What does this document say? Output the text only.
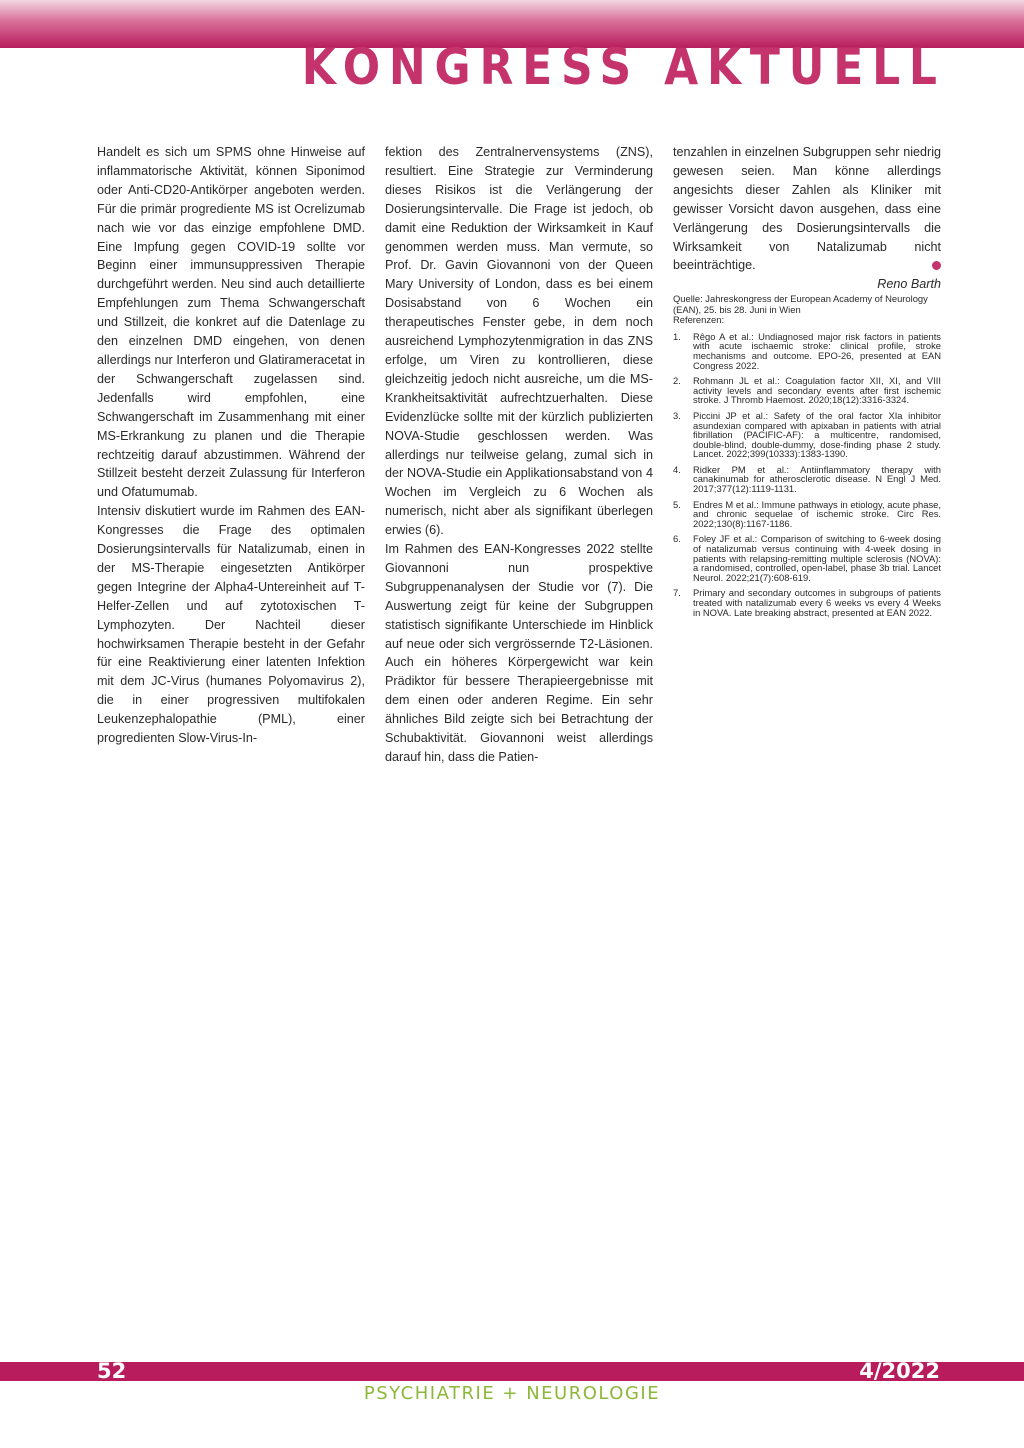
KONGRESS AKTUELL

Handelt es sich um SPMS ohne Hinweise auf inflammatorische Aktivität, können Siponimod oder Anti-CD20-Antikörper angeboten werden. Für die primär progrediente MS ist Ocrelizumab nach wie vor das einzige empfohlene DMD. Eine Impfung gegen COVID-19 sollte vor Beginn einer immunsuppressiven Therapie durchgeführt werden. Neu sind auch detaillierte Empfehlungen zum Thema Schwangerschaft und Stillzeit, die konkret auf die Datenlage zu den einzelnen DMD eingehen, von denen allerdings nur Interferon und Glatirameracetat in der Schwangerschaft zugelassen sind. Jedenfalls wird empfohlen, eine Schwangerschaft im Zusammenhang mit einer MS-Erkrankung zu planen und die Therapie rechtzeitig darauf abzustimmen. Während der Stillzeit besteht derzeit Zulassung für Interferon und Ofatumumab.

Intensiv diskutiert wurde im Rahmen des EAN-Kongresses die Frage des optimalen Dosierungsintervalls für Natalizumab, einen in der MS-Therapie eingesetzten Antikörper gegen Integrine der Alpha4-Untereinheit auf T-Helfer-Zellen und auf zytotoxischen T-Lymphozyten. Der Nachteil dieser hochwirksamen Therapie besteht in der Gefahr für eine Reaktivierung einer latenten Infektion mit dem JC-Virus (humanes Polyomavirus 2), die in einer progressiven multifokalen Leukenzephalopathie (PML), einer progredienten Slow-Virus-In-

fektion des Zentralnervensystems (ZNS), resultiert. Eine Strategie zur Verminderung dieses Risikos ist die Verlängerung der Dosierungsintervalle. Die Frage ist jedoch, ob damit eine Reduktion der Wirksamkeit in Kauf genommen werden muss. Man vermute, so Prof. Dr. Gavin Giovannoni von der Queen Mary University of London, dass es bei einem Dosisabstand von 6 Wochen ein therapeutisches Fenster gebe, in dem noch ausreichend Lymphozytenmigration in das ZNS erfolge, um Viren zu kontrollieren, diese gleichzeitig jedoch nicht ausreiche, um die MS-Krankheitsaktivität aufrechtzuerhalten. Diese Evidenzlücke sollte mit der kürzlich publizierten NOVA-Studie geschlossen werden. Was allerdings nur teilweise gelang, zumal sich in der NOVA-Studie ein Applikationsabstand von 4 Wochen im Vergleich zu 6 Wochen als numerisch, nicht aber als signifikant überlegen erwies (6).

Im Rahmen des EAN-Kongresses 2022 stellte Giovannoni nun prospektive Subgruppenanalysen der Studie vor (7). Die Auswertung zeigt für keine der Subgruppen statistisch signifikante Unterschiede im Hinblick auf neue oder sich vergrössernde T2-Läsionen. Auch ein höheres Körpergewicht war kein Prädiktor für bessere Therapieergebnisse mit dem einen oder anderen Regime. Ein sehr ähnliches Bild zeigte sich bei Betrachtung der Schubaktivität. Giovannoni weist allerdings darauf hin, dass die Patien-

tenzahlen in einzelnen Subgruppen sehr niedrig gewesen seien. Man könne allerdings angesichts dieser Zahlen als Kliniker mit gewisser Vorsicht davon ausgehen, dass eine Verlängerung des Dosierungsintervalls die Wirksamkeit von Natalizumab nicht beeinträchtige.

Reno Barth

Quelle: Jahreskongress der European Academy of Neurology (EAN), 25. bis 28. Juni in Wien

Referenzen:

1.	Rêgo A et al.: Undiagnosed major risk factors in patients with acute ischaemic stroke: clinical profile, stroke mechanisms and outcome. EPO-26, presented at EAN Congress 2022.
2.	Rohmann JL et al.: Coagulation factor XII, XI, and VIII activity levels and secondary events after first ischemic stroke. J Thromb Haemost. 2020;18(12):3316-3324.
3.	Piccini JP et al.: Safety of the oral factor XIa inhibitor asundexian compared with apixaban in patients with atrial fibrillation (PACIFIC-AF): a multicentre, randomised, double-blind, double-dummy, dose-finding phase 2 study. Lancet. 2022;399(10333):1383-1390.
4.	Ridker PM et al.: Antiinflammatory therapy with canakinumab for atherosclerotic disease. N Engl J Med. 2017;377(12):1119-1131.
5.	Endres M et al.: Immune pathways in etiology, acute phase, and chronic sequelae of ischemic stroke. Circ Res. 2022;130(8):1167-1186.
6.	Foley JF et al.: Comparison of switching to 6-week dosing of natalizumab versus continuing with 4-week dosing in patients with relapsing-remitting multiple sclerosis (NOVA): a randomised, controlled, open-label, phase 3b trial. Lancet Neurol. 2022;21(7):608-619.
7.	Primary and secondary outcomes in subgroups of patients treated with natalizumab every 6 weeks vs every 4 Weeks in NOVA. Late breaking abstract, presented at EAN 2022.
52	4/2022
PSYCHIATRIE + NEUROLOGIE
